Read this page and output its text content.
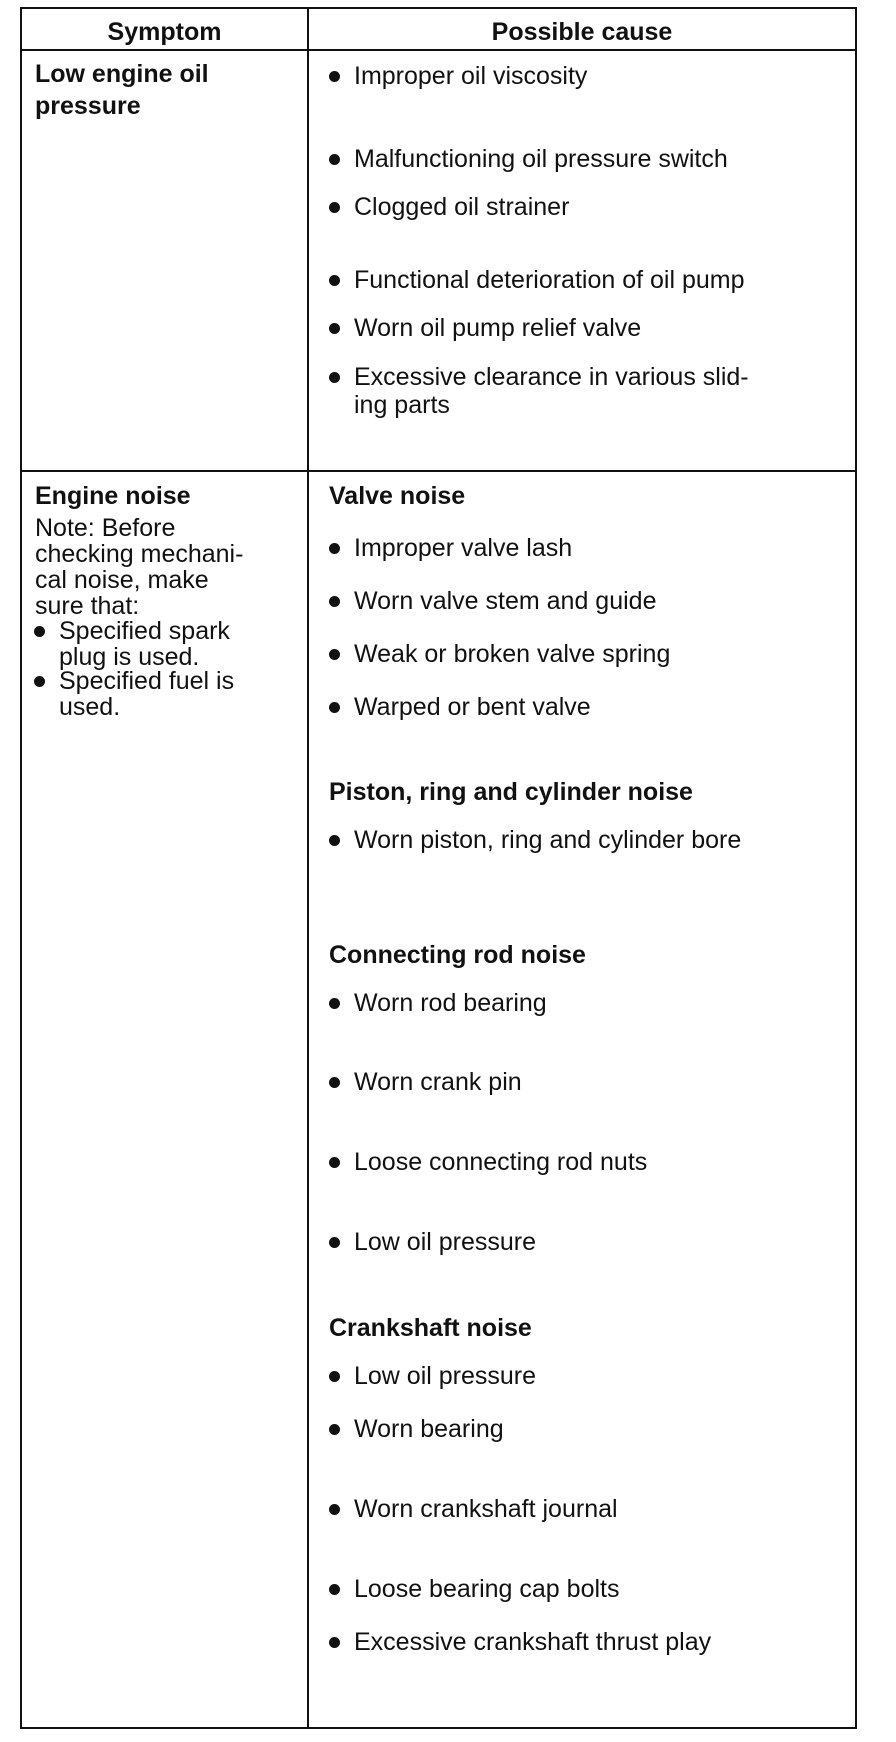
Symptom	Possible cause
Low engine oil
pressure
Improper oil viscosity
Malfunctioning oil pressure switch
Clogged oil strainer
Functional deterioration of oil pump
Worn oil pump relief valve
Excessive clearance in various slid-
ing parts
Engine noise
Note: Before
checking mechani-
cal noise, make
sure that:
Specified spark
plug is used.
Specified fuel is
used.
Valve noise
Improper valve lash
Worn valve stem and guide
Weak or broken valve spring
Warped or bent valve
Piston, ring and cylinder noise
Worn piston, ring and cylinder bore
Connecting rod noise
Worn rod bearing
Worn crank pin
Loose connecting rod nuts
Low oil pressure
Crankshaft noise
Low oil pressure
Worn bearing
Worn crankshaft journal
Loose bearing cap bolts
Excessive crankshaft thrust play
